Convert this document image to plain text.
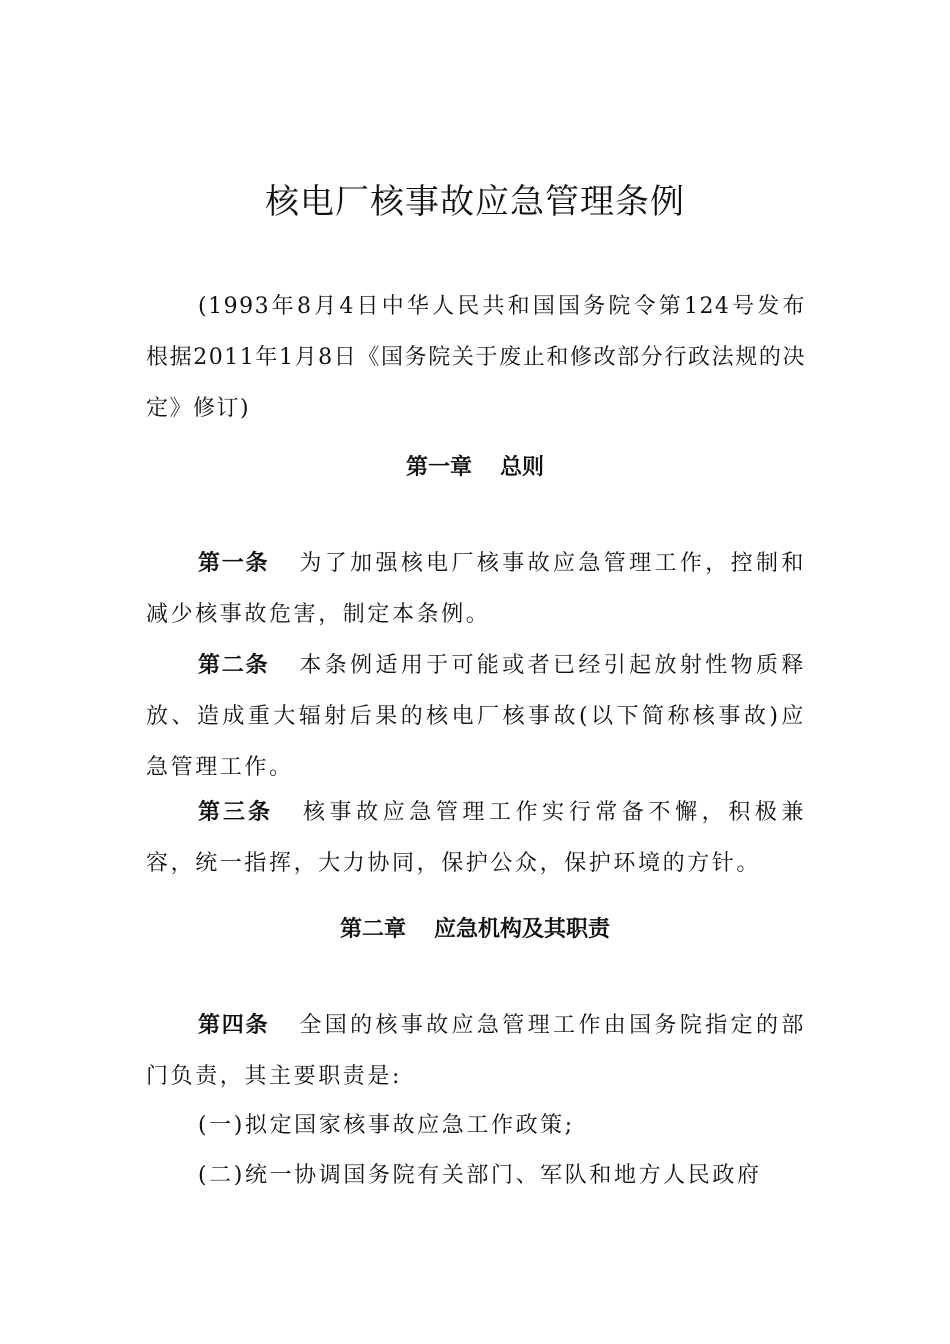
核电厂核事故应急管理条例
(1993年8月4日中华人民共和国国务院令第124号发布　根据2011年1月8日《国务院关于废止和修改部分行政法规的决定》修订)
第一章 总则
第一条 为了加强核电厂核事故应急管理工作，控制和减少核事故危害，制定本条例。
第二条 本条例适用于可能或者已经引起放射性物质释放、造成重大辐射后果的核电厂核事故(以下简称核事故)应急管理工作。
第三条 核事故应急管理工作实行常备不懈，积极兼容，统一指挥，大力协同，保护公众，保护环境的方针。
第二章 应急机构及其职责
第四条 全国的核事故应急管理工作由国务院指定的部门负责，其主要职责是:
(一)拟定国家核事故应急工作政策;
(二)统一协调国务院有关部门、军队和地方人民政府
